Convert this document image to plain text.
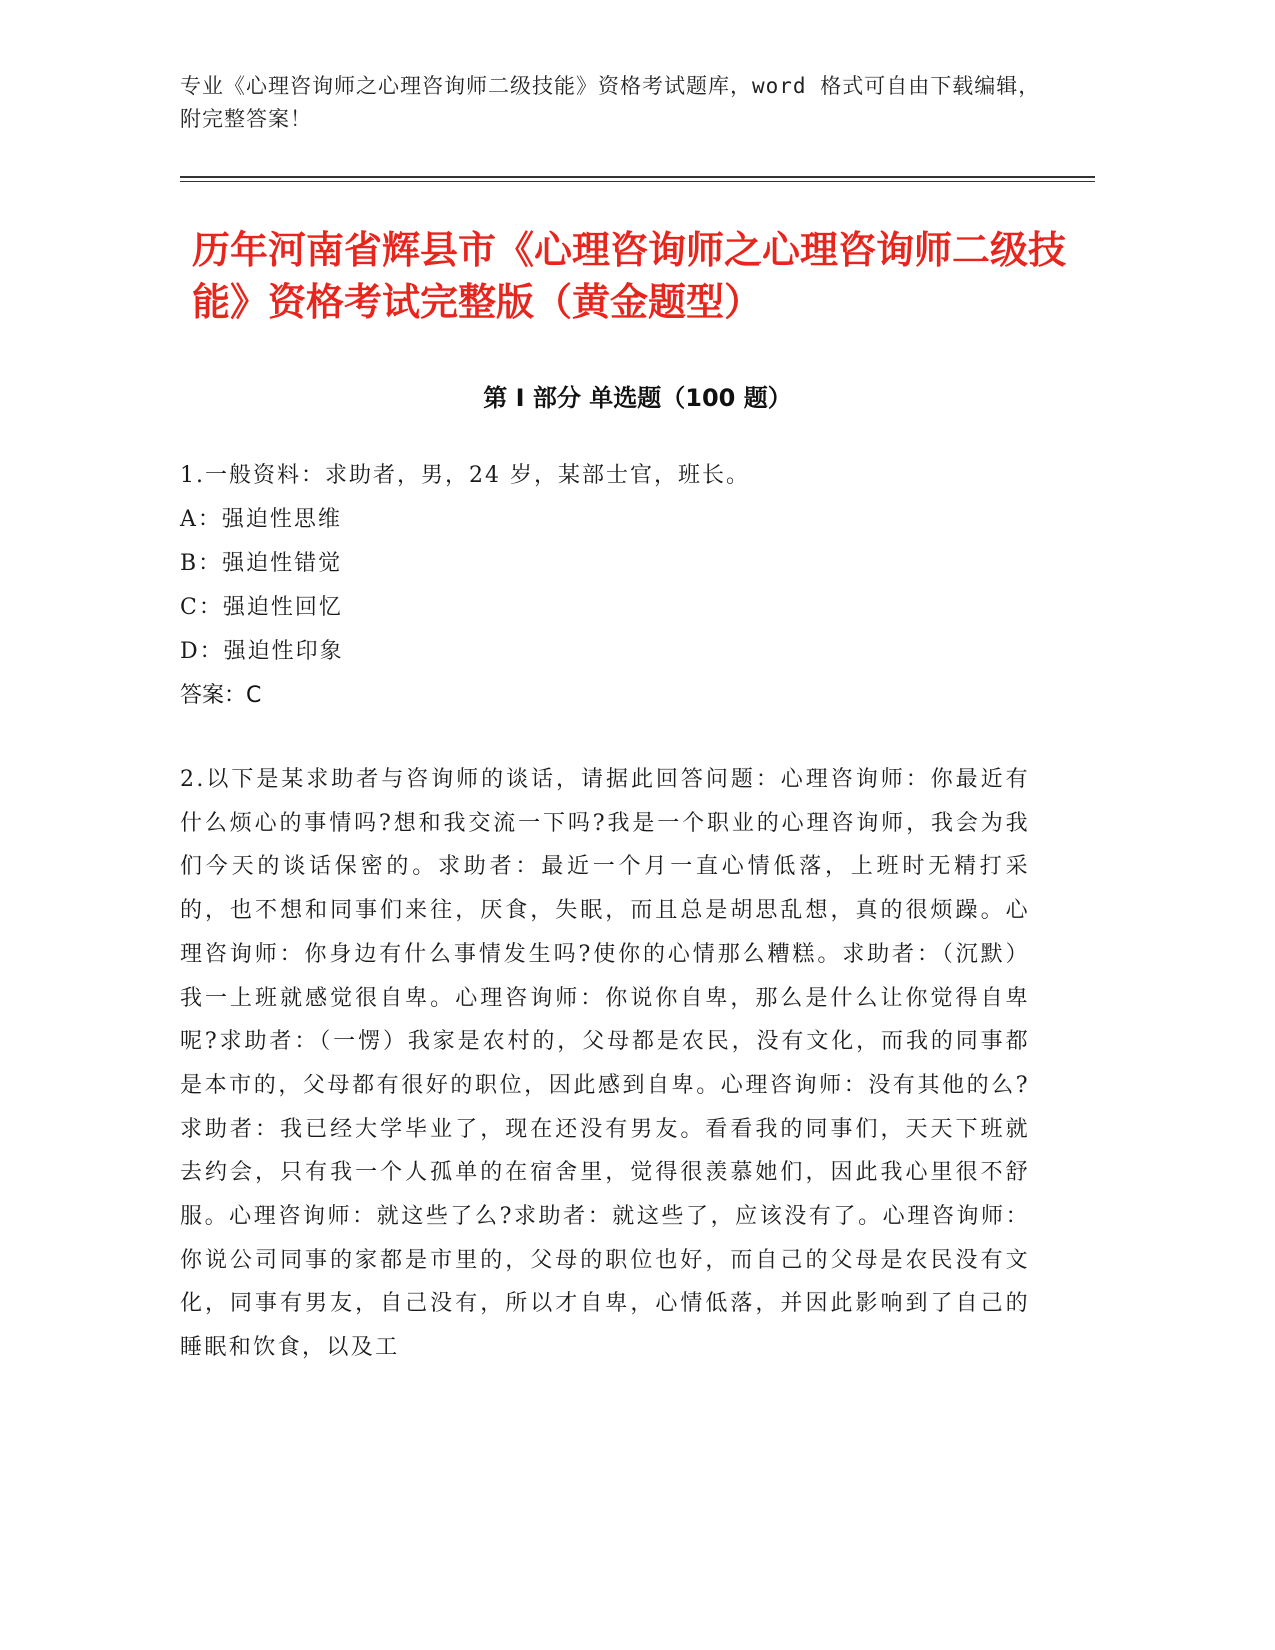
专业《心理咨询师之心理咨询师二级技能》资格考试题库，word 格式可自由下载编辑，附完整答案！
历年河南省辉县市《心理咨询师之心理咨询师二级技能》资格考试完整版（黄金题型）
第 I 部分 单选题（100 题）

1.一般资料：求助者，男，24 岁，某部士官，班长。

A：强迫性思维

B：强迫性错觉

C：强迫性回忆

D：强迫性印象

答案：C

2.以下是某求助者与咨询师的谈话，请据此回答问题：心理咨询师：你最近有什么烦心的事情吗?想和我交流一下吗?我是一个职业的心理咨询师，我会为我们今天的谈话保密的。求助者：最近一个月一直心情低落，上班时无精打采的，也不想和同事们来往，厌食，失眠，而且总是胡思乱想，真的很烦躁。心理咨询师：你身边有什么事情发生吗?使你的心情那么糟糕。求助者：（沉默）我一上班就感觉很自卑。心理咨询师：你说你自卑，那么是什么让你觉得自卑呢?求助者：（一愣）我家是农村的，父母都是农民，没有文化，而我的同事都是本市的，父母都有很好的职位，因此感到自卑。心理咨询师：没有其他的么?求助者：我已经大学毕业了，现在还没有男友。看看我的同事们，天天下班就去约会，只有我一个人孤单的在宿舍里，觉得很羡慕她们，因此我心里很不舒服。心理咨询师：就这些了么?求助者：就这些了，应该没有了。心理咨询师：你说公司同事的家都是市里的，父母的职位也好，而自己的父母是农民没有文化，同事有男友，自己没有，所以才自卑，心情低落，并因此影响到了自己的睡眠和饮食，以及工
